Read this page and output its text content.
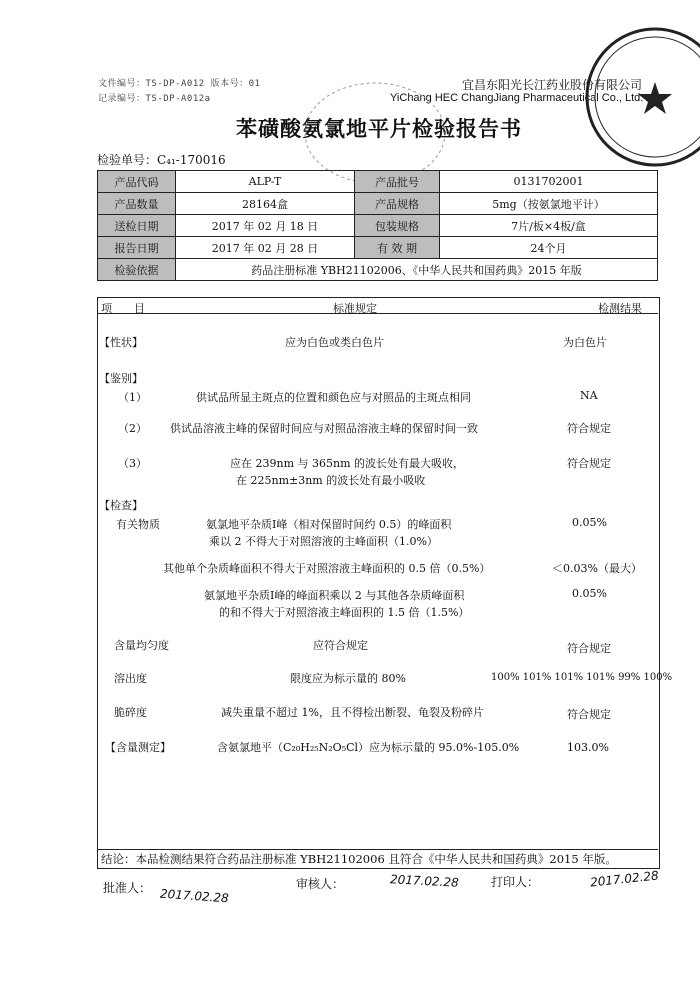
文件编号：TS-DP-A012 版本号：01
记录编号：TS-DP-A012a
宜昌东阳光长江药业股份有限公司
YiChang HEC ChangJiang Pharmaceutical Co., Ltd.
苯磺酸氨氯地平片检验报告书
检验单号：C₄₁-170016
产品代码	ALP-T	产品批号	0131702001
产品数量	28164盒	产品规格	5mg（按氨氯地平计）
送检日期	2017 年 02 月 18 日	包装规格	7片/板×4板/盒
报告日期	2017 年 02 月 28 日	有 效 期	24个月
检验依据	药品注册标准 YBH21102006、《中华人民共和国药典》2015 年版		
项　　目	标准规定	检测结果
【性状】	应为白色或类白色片	为白色片
【鉴别】
（1）	供试品所显主斑点的位置和颜色应与对照品的主斑点相同	NA
（2） 供试品溶液主峰的保留时间应与对照品溶液主峰的保留时间一致	符合规定
（3）	应在 239nm 与 365nm 的波长处有最大吸收，
在 225nm±3nm 的波长处有最小吸收
符合规定
【检查】
有关物质	氨氯地平杂质Ⅰ峰（相对保留时间约 0.5）的峰面积
乘以 2 不得大于对照溶液的主峰面积（1.0%）
0.05%
其他单个杂质峰面积不得大于对照溶液主峰面积的 0.5 倍（0.5%）	＜0.03%（最大）
氨氯地平杂质Ⅰ峰的峰面积乘以 2 与其他各杂质峰面积
的和不得大于对照溶液主峰面积的 1.5 倍（1.5%）
0.05%
含量均匀度	应符合规定	符合规定
溶出度	限度应为标示量的 80%	100% 101% 101% 101% 99% 100%
脆碎度	减失重量不超过 1%，且不得检出断裂、龟裂及粉碎片	符合规定
【含量测定】	含氨氯地平（C₂₀H₂₅N₂O₅Cl）应为标示量的 95.0%-105.0%	103.0%
结论：本品检测结果符合药品注册标准 YBH21102006 且符合《中华人民共和国药典》2015 年版。
批准人： 2017.02.28
审核人：	2017.02.28	打印人：	2017.02.28
